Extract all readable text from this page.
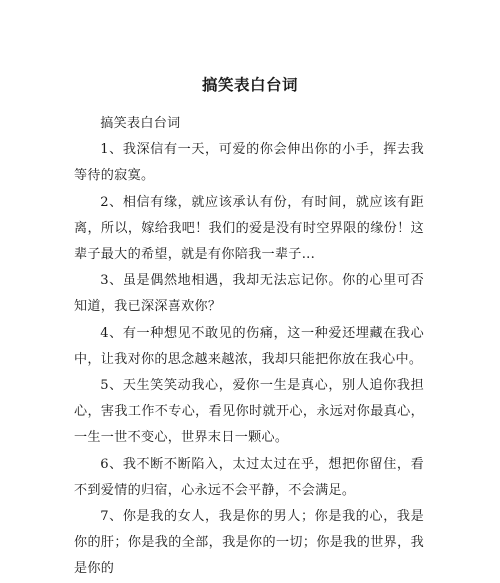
搞笑表白台词

搞笑表白台词

1、我深信有一天，可爱的你会伸出你的小手，挥去我等待的寂寞。

2、相信有缘，就应该承认有份，有时间，就应该有距离，所以，嫁给我吧！我们的爱是没有时空界限的缘份！这辈子最大的希望，就是有你陪我一辈子...

3、虽是偶然地相遇，我却无法忘记你。你的心里可否知道，我已深深喜欢你？

4、有一种想见不敢见的伤痛，这一种爱还埋藏在我心中，让我对你的思念越来越浓，我却只能把你放在我心中。

5、天生笑笑动我心，爱你一生是真心，别人追你我担心，害我工作不专心，看见你时就开心，永远对你最真心，一生一世不变心，世界末日一颗心。

6、我不断不断陷入，太过太过在乎，想把你留住，看不到爱情的归宿，心永远不会平静，不会满足。

7、你是我的女人，我是你的男人；你是我的心，我是你的肝；你是我的全部，我是你的一切；你是我的世界，我是你的
